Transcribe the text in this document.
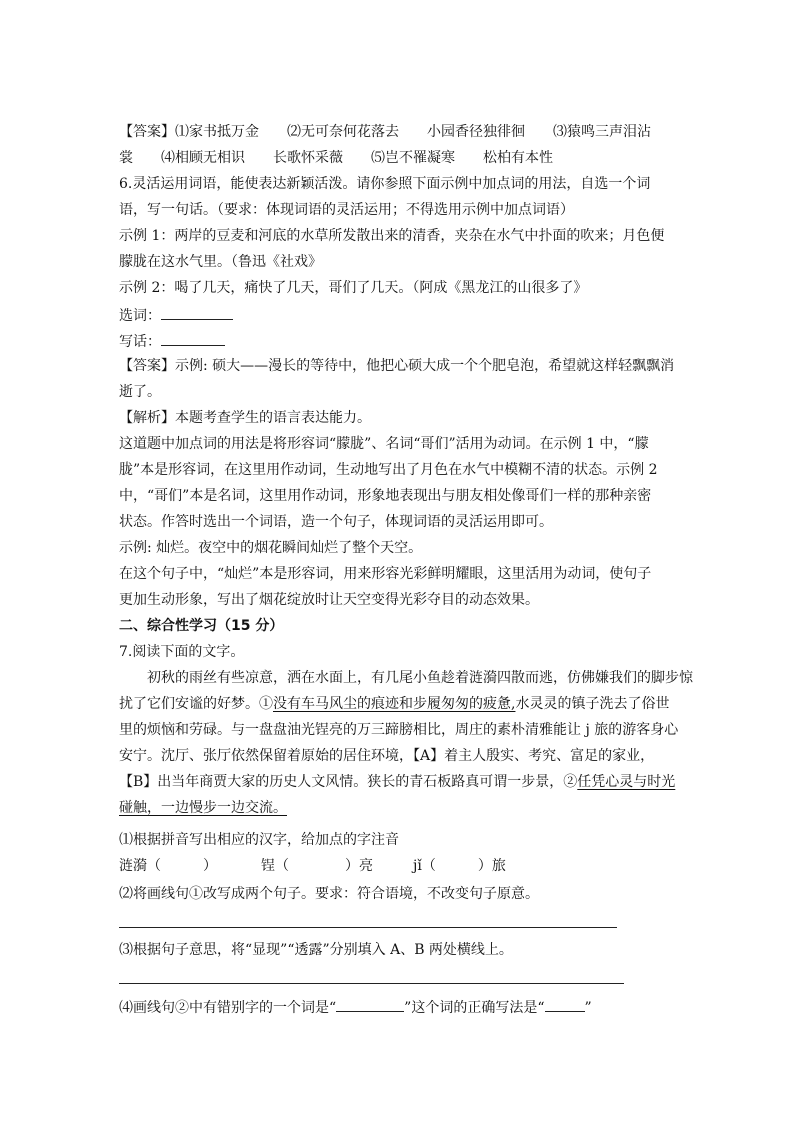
【答案】⑴家书抵万金　　⑵无可奈何花落去　　小园香径独徘徊　　⑶猿鸣三声泪沾
裳　　⑷相顾无相识　　长歌怀采薇　　⑸岂不罹凝寒　　松柏有本性
6.灵活运用词语，能使表达新颖活泼。请你参照下面示例中加点词的用法，自选一个词
语，写一句话。（要求：体现词语的灵活运用；不得选用示例中加点词语）
示例 1：两岸的豆麦和河底的水草所发散出来的清香，夹杂在水气中扑面的吹来；月色便
朦胧在这水气里。（鲁迅《社戏》
示例 2：喝了几天，痛快了几天，哥们了几天。（阿成《黑龙江的山很多了》
选词：
写话：
【答案】示例: 硕大——漫长的等待中，他把心硕大成一个个肥皂泡，希望就这样轻飘飘消
逝了。
【解析】本题考查学生的语言表达能力。
这道题中加点词的用法是将形容词“朦胧”、名词“哥们”活用为动词。在示例 1 中，“朦
胧”本是形容词，在这里用作动词，生动地写出了月色在水气中模糊不清的状态。示例 2
中，“哥们”本是名词，这里用作动词，形象地表现出与朋友相处像哥们一样的那种亲密
状态。作答时选出一个词语，造一个句子，体现词语的灵活运用即可。
示例: 灿烂。夜空中的烟花瞬间灿烂了整个天空。
在这个句子中，“灿烂”本是形容词，用来形容光彩鲜明耀眼，这里活用为动词，使句子
更加生动形象，写出了烟花绽放时让天空变得光彩夺目的动态效果。
二、综合性学习（15 分）
7.阅读下面的文字。
初秋的雨丝有些凉意，洒在水面上，有几尾小鱼趁着涟漪四散而逃，仿佛嫌我们的脚步惊
扰了它们安谧的好梦。①没有车马风尘的痕迹和步履匆匆的疲惫,水灵灵的镇子洗去了俗世
里的烦恼和劳碌。与一盘盘油光锃亮的万三蹄膀相比，周庄的素朴清雅能让 j 旅的游客身心
安宁。沈厅、张厅依然保留着原始的居住环境，【A】着主人殷实、考究、富足的家业，
【B】出当年商贾大家的历史人文风情。狭长的青石板路真可谓一步景，②任凭心灵与时光
碰触，一边慢步一边交流。
⑴根据拼音写出相应的汉字，给加点的字注音
涟漪（	）	锃（	）亮	jǐ（	）旅
⑵将画线句①改写成两个句子。要求：符合语境，不改变句子原意。
⑶根据句子意思，将“显现”“透露”分别填入 A、B 两处横线上。
⑷画线句②中有错别字的一个词是“	”这个词的正确写法是“	”
